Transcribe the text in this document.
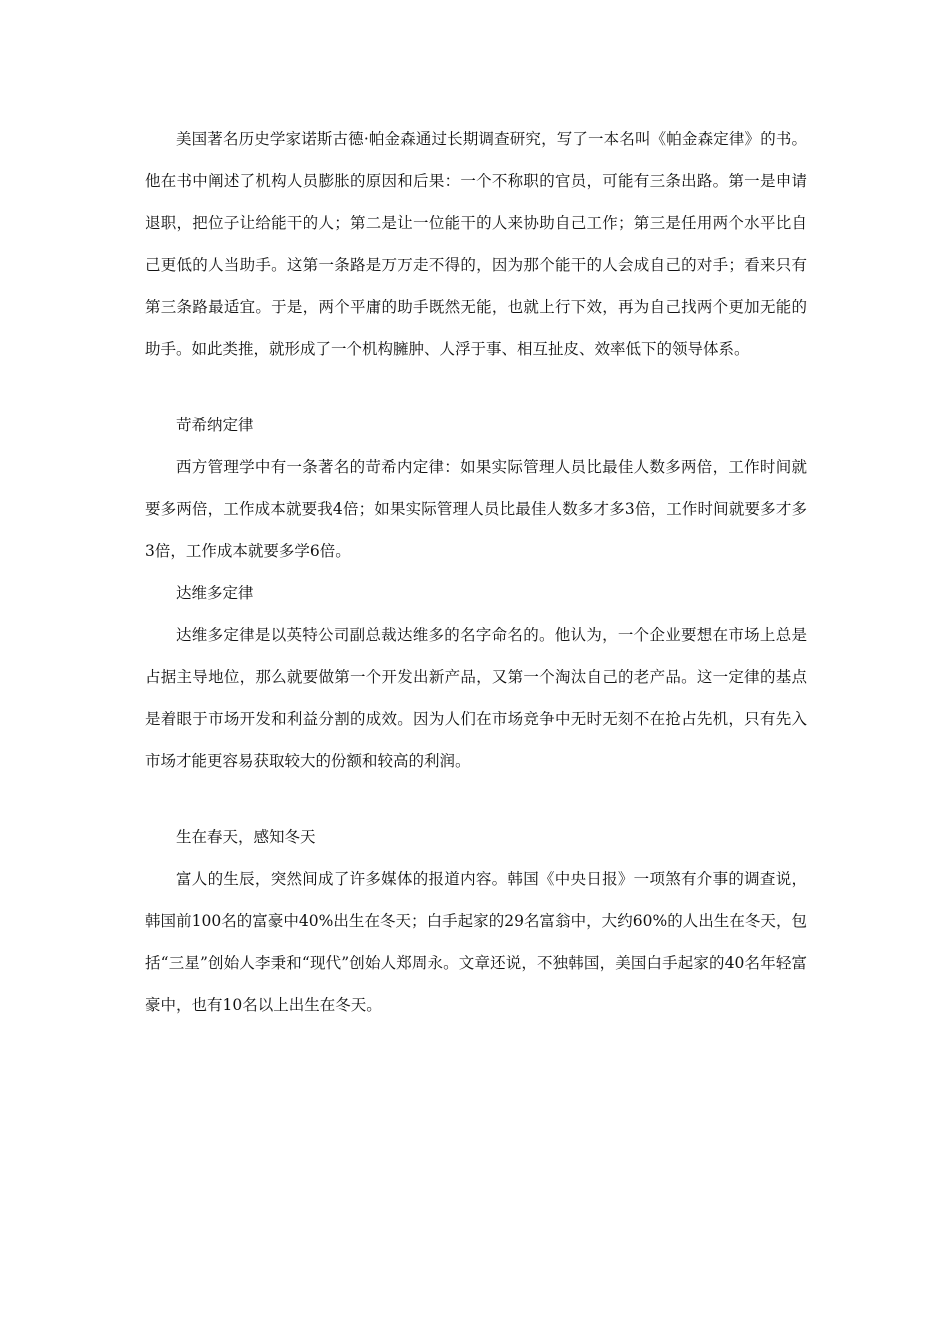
美国著名历史学家诺斯古德·帕金森通过长期调查研究，写了一本名叫《帕金森定律》的书。他在书中阐述了机构人员膨胀的原因和后果：一个不称职的官员，可能有三条出路。第一是申请退职，把位子让给能干的人；第二是让一位能干的人来协助自己工作；第三是任用两个水平比自己更低的人当助手。这第一条路是万万走不得的，因为那个能干的人会成自己的对手；看来只有第三条路最适宜。于是，两个平庸的助手既然无能，也就上行下效，再为自己找两个更加无能的助手。如此类推，就形成了一个机构臃肿、人浮于事、相互扯皮、效率低下的领导体系。

苛希纳定律

西方管理学中有一条著名的苛希内定律：如果实际管理人员比最佳人数多两倍，工作时间就要多两倍，工作成本就要我4倍；如果实际管理人员比最佳人数多才多3倍，工作时间就要多才多3倍，工作成本就要多学6倍。

达维多定律

达维多定律是以英特公司副总裁达维多的名字命名的。他认为，一个企业要想在市场上总是占据主导地位，那么就要做第一个开发出新产品，又第一个淘汰自己的老产品。这一定律的基点是着眼于市场开发和利益分割的成效。因为人们在市场竞争中无时无刻不在抢占先机，只有先入市场才能更容易获取较大的份额和较高的利润。

生在春天，感知冬天

富人的生辰，突然间成了许多媒体的报道内容。韩国《中央日报》一项煞有介事的调查说，韩国前100名的富豪中40%出生在冬天；白手起家的29名富翁中，大约60%的人出生在冬天，包括“三星”创始人李秉和“现代”创始人郑周永。文章还说，不独韩国，美国白手起家的40名年轻富豪中，也有10名以上出生在冬天。
